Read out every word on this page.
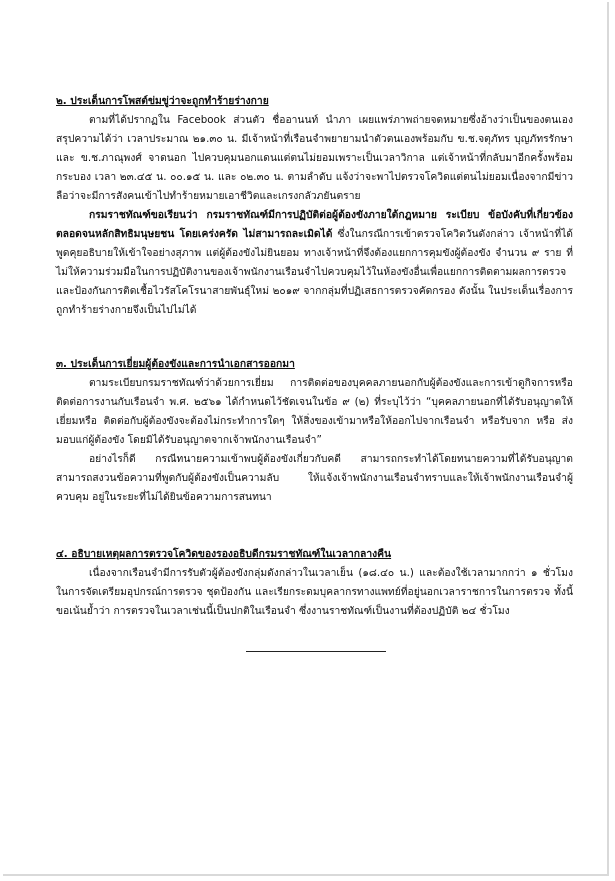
๒. ประเด็นการโพสต์ข่มขู่ว่าจะถูกทำร้ายร่างกาย

ตามที่ได้ปรากฏใน Facebook ส่วนตัว ชื่ออานนท์ นำภา เผยแพร่ภาพถ่ายจดหมายซึ่งอ้างว่าเป็นของตนเอง สรุปความได้ว่า เวลาประมาณ ๒๑.๓๐ น. มีเจ้าหน้าที่เรือนจำพยายามนำตัวตนเองพร้อมกับ ข.ช.จตุภัทร บุญภัทรรักษา และ ข.ช.ภาณุพงศ์ จาดนอก ไปควบคุมนอกแดนแต่ตนไม่ยอมเพราะเป็นเวลาวิกาล แต่เจ้าหน้าที่กลับมาอีกครั้งพร้อมกระบอง เวลา ๒๓.๔๕ น. ๐๐.๑๕ น. และ ๐๒.๓๐ น. ตามลำดับ แจ้งว่าจะพาไปตรวจโควิดแต่ตนไม่ยอมเนื่องจากมีข่าวลือว่าจะมีการสังคนเข้าไปทำร้ายหมายเอาชีวิตและเกรงกลัวภยันตราย

กรมราชทัณฑ์ขอเรียนว่า กรมราชทัณฑ์มีการปฏิบัติต่อผู้ต้องขังภายใต้กฎหมาย ระเบียบ ข้อบังคับที่เกี่ยวข้อง ตลอดจนหลักสิทธิมนุษยชน โดยเคร่งครัด ไม่สามารถละเมิดได้ ซึ่งในกรณีการเข้าตรวจโควิดวันดังกล่าว เจ้าหน้าที่ได้พูดคุยอธิบายให้เข้าใจอย่างสุภาพ แต่ผู้ต้องขังไม่ยินยอม ทางเจ้าหน้าที่จึงต้องแยกการคุมขังผู้ต้องขัง จำนวน ๙ ราย ที่ไม่ให้ความร่วมมือในการปฏิบัติงานของเจ้าพนักงานเรือนจำไปควบคุมไว้ในห้องขังอื่นเพื่อแยกการติดตามผลการตรวจและป้องกันการติดเชื้อไวรัสโคโรนาสายพันธุ์ใหม่ ๒๐๑๙ จากกลุ่มที่ปฏิเสธการตรวจคัดกรอง ดังนั้น ในประเด็นเรื่องการถูกทำร้ายร่างกายจึงเป็นไปไม่ได้

๓. ประเด็นการเยี่ยมผู้ต้องขังและการนำเอกสารออกมา

ตามระเบียบกรมราชทัณฑ์ว่าด้วยการเยี่ยม การติดต่อของบุคคลภายนอกกับผู้ต้องขังและการเข้าดูกิจการหรือติดต่อการงานกับเรือนจำ พ.ศ. ๒๕๖๑ ได้กำหนดไว้ชัดเจนในข้อ ๙ (๒) ที่ระบุไว้ว่า “บุคคลภายนอกที่ได้รับอนุญาตให้เยี่ยมหรือ ติดต่อกับผู้ต้องขังจะต้องไม่กระทำการใดๆ ให้สิ่งของเข้ามาหรือให้ออกไปจากเรือนจำ หรือรับจาก หรือ ส่งมอบแก่ผู้ต้องขัง โดยมิได้รับอนุญาตจากเจ้าพนักงานเรือนจำ”

อย่างไรก็ดี กรณีทนายความเข้าพบผู้ต้องขังเกี่ยวกับคดี สามารถกระทำได้โดยทนายความที่ได้รับอนุญาตสามารถสงวนข้อความที่พูดกับผู้ต้องขังเป็นความลับ ให้แจ้งเจ้าพนักงานเรือนจำทราบและให้เจ้าพนักงานเรือนจำผู้ควบคุม อยู่ในระยะที่ไม่ได้ยินข้อความการสนทนา

๔. อธิบายเหตุผลการตรวจโควิดของรองอธิบดีกรมราชทัณฑ์ในเวลากลางคืน

เนื่องจากเรือนจำมีการรับตัวผู้ต้องขังกลุ่มดังกล่าวในเวลาเย็น (๑๘.๔๐ น.) และต้องใช้เวลามากกว่า ๑ ชั่วโมงในการจัดเตรียมอุปกรณ์การตรวจ ชุดป้องกัน และเรียกระดมบุคลากรทางแพทย์ที่อยู่นอกเวลาราชการในการตรวจ ทั้งนี้ ขอเน้นย้ำว่า การตรวจในเวลาเช่นนี้เป็นปกติในเรือนจำ ซึ่งงานราชทัณฑ์เป็นงานที่ต้องปฏิบัติ ๒๔ ชั่วโมง
